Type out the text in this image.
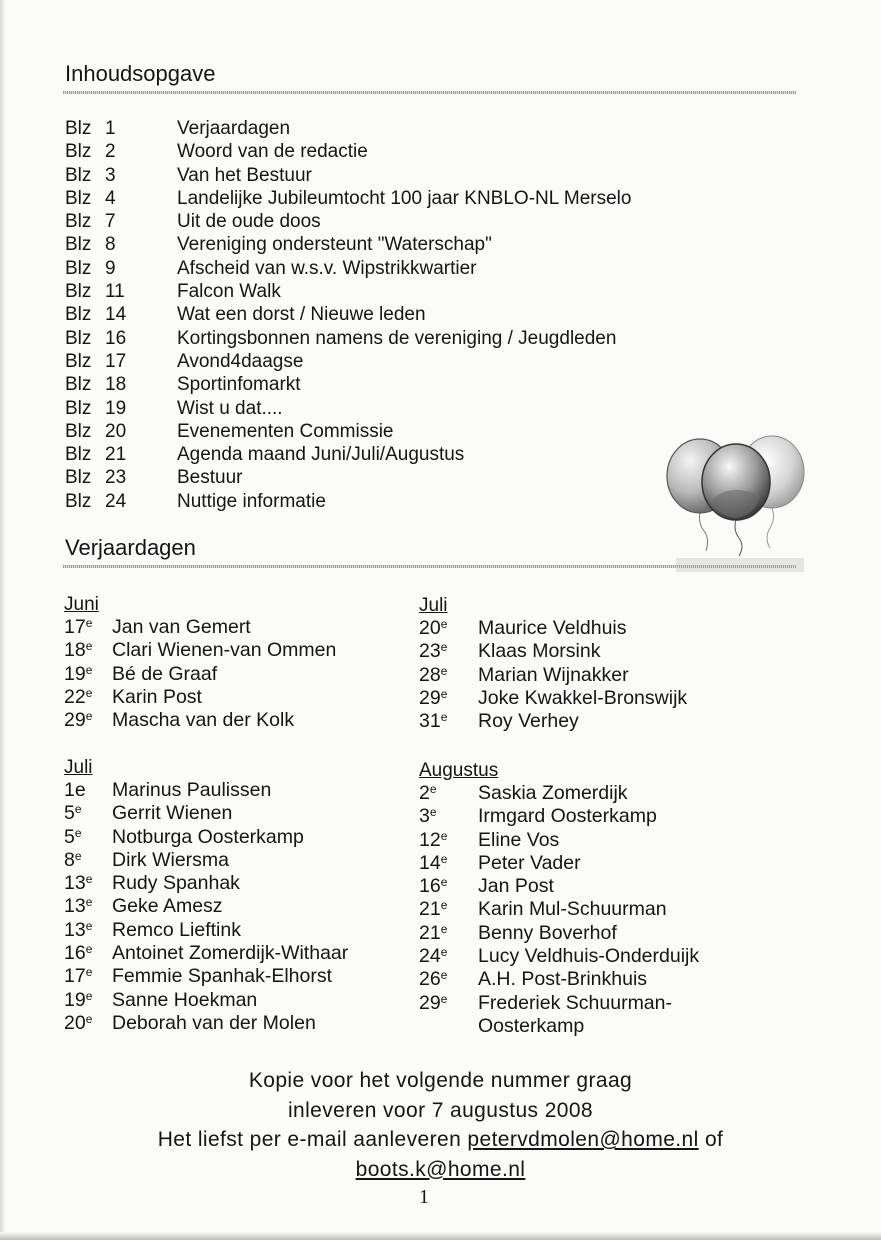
Inhoudsopgave
Blz 1	Verjaardagen
Blz 2	Woord van de redactie
Blz 3	Van het Bestuur
Blz 4	Landelijke Jubileumtocht 100 jaar KNBLO-NL Merselo
Blz 7	Uit de oude doos
Blz 8	Vereniging ondersteunt "Waterschap"
Blz 9	Afscheid van w.s.v. Wipstrikkwartier
Blz 11	Falcon Walk
Blz 14	Wat een dorst / Nieuwe leden
Blz 16	Kortingsbonnen namens de vereniging / Jeugdleden
Blz 17	Avond4daagse
Blz 18	Sportinfomarkt
Blz 19	Wist u dat....
Blz 20	Evenementen Commissie
Blz 21	Agenda maand Juni/Juli/Augustus
Blz 23	Bestuur
Blz 24	Nuttige informatie
Verjaardagen
Juni
17e Jan van Gemert
18e Clari Wienen-van Ommen
19e Bé de Graaf
22e Karin Post
29e Mascha van der Kolk
Juli
1e Marinus Paulissen
5e Gerrit Wienen
5e Notburga Oosterkamp
8e Dirk Wiersma
13e Rudy Spanhak
13e Geke Amesz
13e Remco Lieftink
16e Antoinet Zomerdijk-Withaar
17e Femmie Spanhak-Elhorst
19e Sanne Hoekman
20e Deborah van der Molen
Juli
20e Maurice Veldhuis
23e Klaas Morsink
28e Marian Wijnakker
29e Joke Kwakkel-Bronswijk
31e Roy Verhey
Augustus
2e Saskia Zomerdijk
3e Irmgard Oosterkamp
12e Eline Vos
14e Peter Vader
16e Jan Post
21e Karin Mul-Schuurman
21e Benny Boverhof
24e Lucy Veldhuis-Onderduijk
26e A.H. Post-Brinkhuis
29e Frederiek Schuurman-
Oosterkamp
Kopie voor het volgende nummer graag
inleveren voor 7 augustus 2008
Het liefst per e-mail aanleveren petervdmolen@home.nl of
boots.k@home.nl
1
